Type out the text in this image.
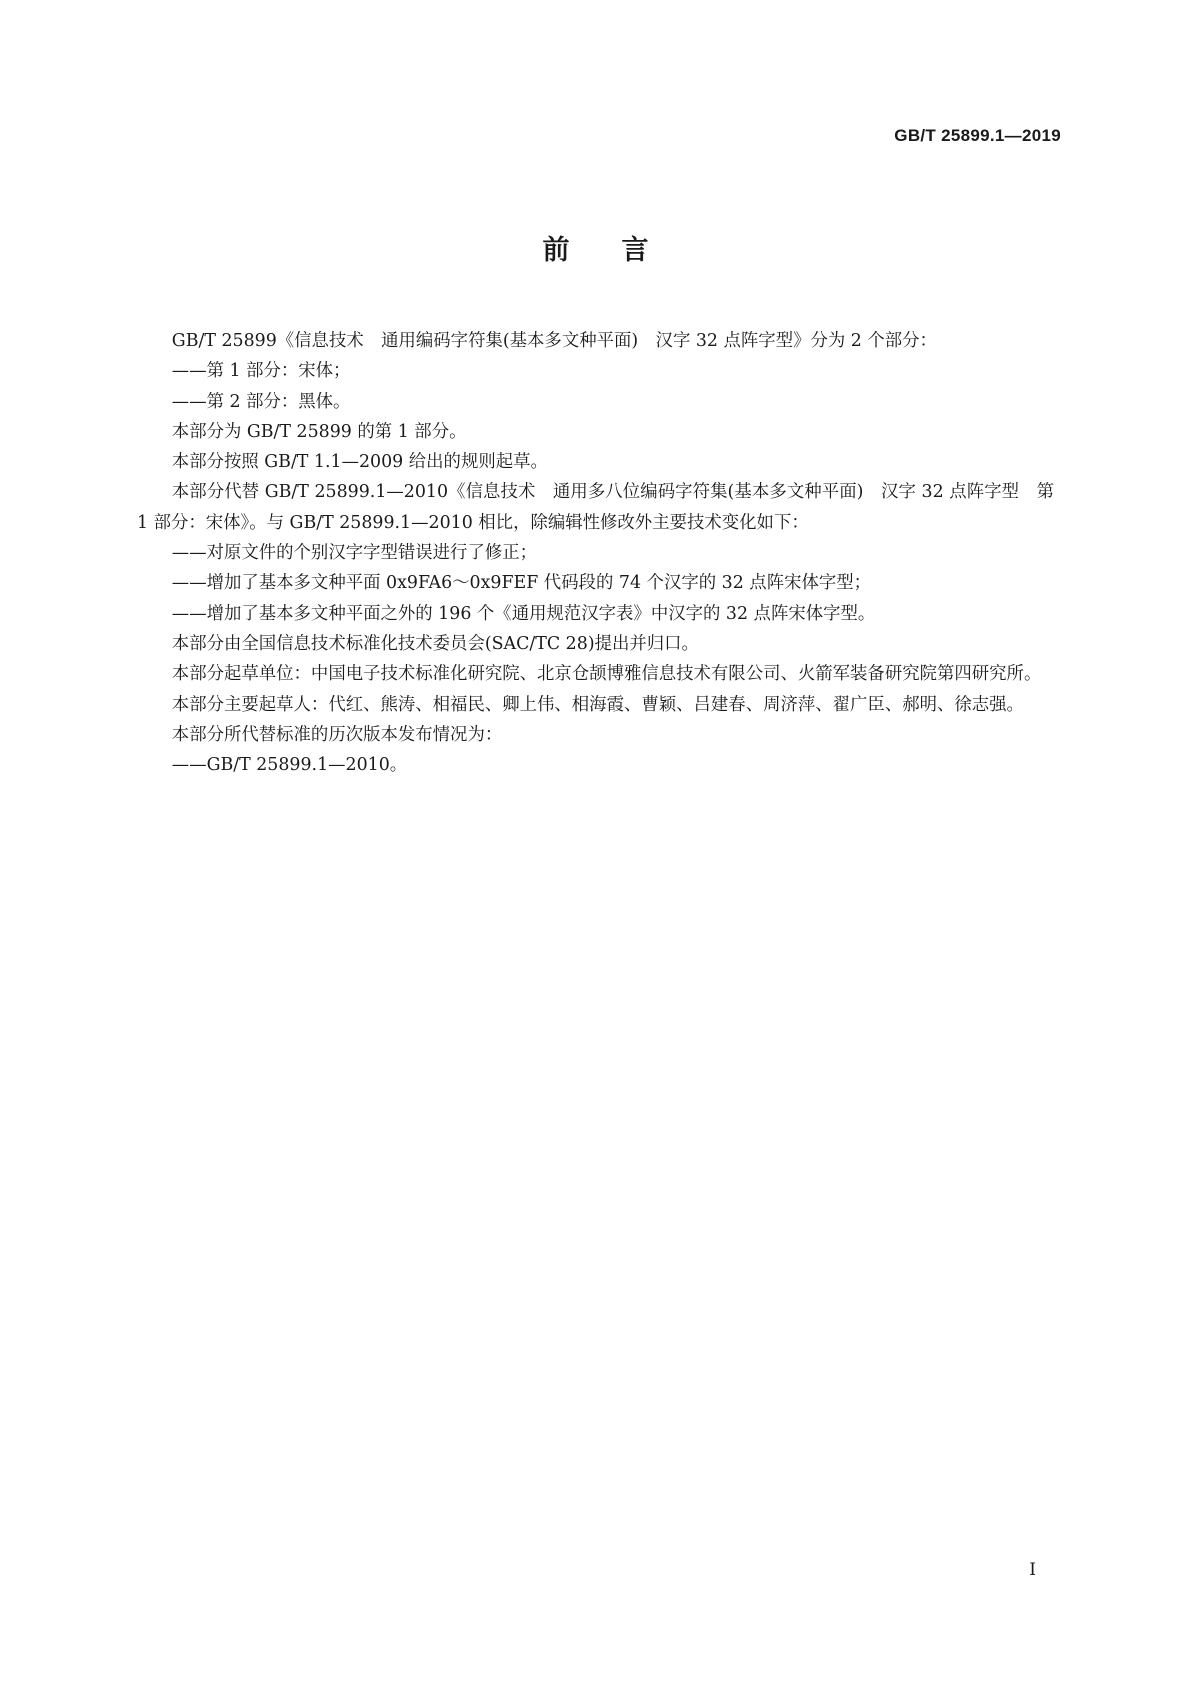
GB/T 25899.1—2019
前言

GB/T 25899《信息技术　通用编码字符集(基本多文种平面)　汉字 32 点阵字型》分为 2 个部分：

——第 1 部分：宋体；

——第 2 部分：黑体。

本部分为 GB/T 25899 的第 1 部分。

本部分按照 GB/T 1.1—2009 给出的规则起草。

本部分代替 GB/T 25899.1—2010《信息技术　通用多八位编码字符集(基本多文种平面)　汉字 32 点阵字型　第 1 部分：宋体》。与 GB/T 25899.1—2010 相比，除编辑性修改外主要技术变化如下：

——对原文件的个别汉字字型错误进行了修正；

——增加了基本多文种平面 0x9FA6～0x9FEF 代码段的 74 个汉字的 32 点阵宋体字型；

——增加了基本多文种平面之外的 196 个《通用规范汉字表》中汉字的 32 点阵宋体字型。

本部分由全国信息技术标准化技术委员会(SAC/TC 28)提出并归口。

本部分起草单位：中国电子技术标准化研究院、北京仓颉博雅信息技术有限公司、火箭军装备研究院第四研究所。

本部分主要起草人：代红、熊涛、相福民、卿上伟、相海霞、曹颖、吕建春、周济萍、翟广臣、郝明、徐志强。

本部分所代替标准的历次版本发布情况为：

——GB/T 25899.1—2010。

I
